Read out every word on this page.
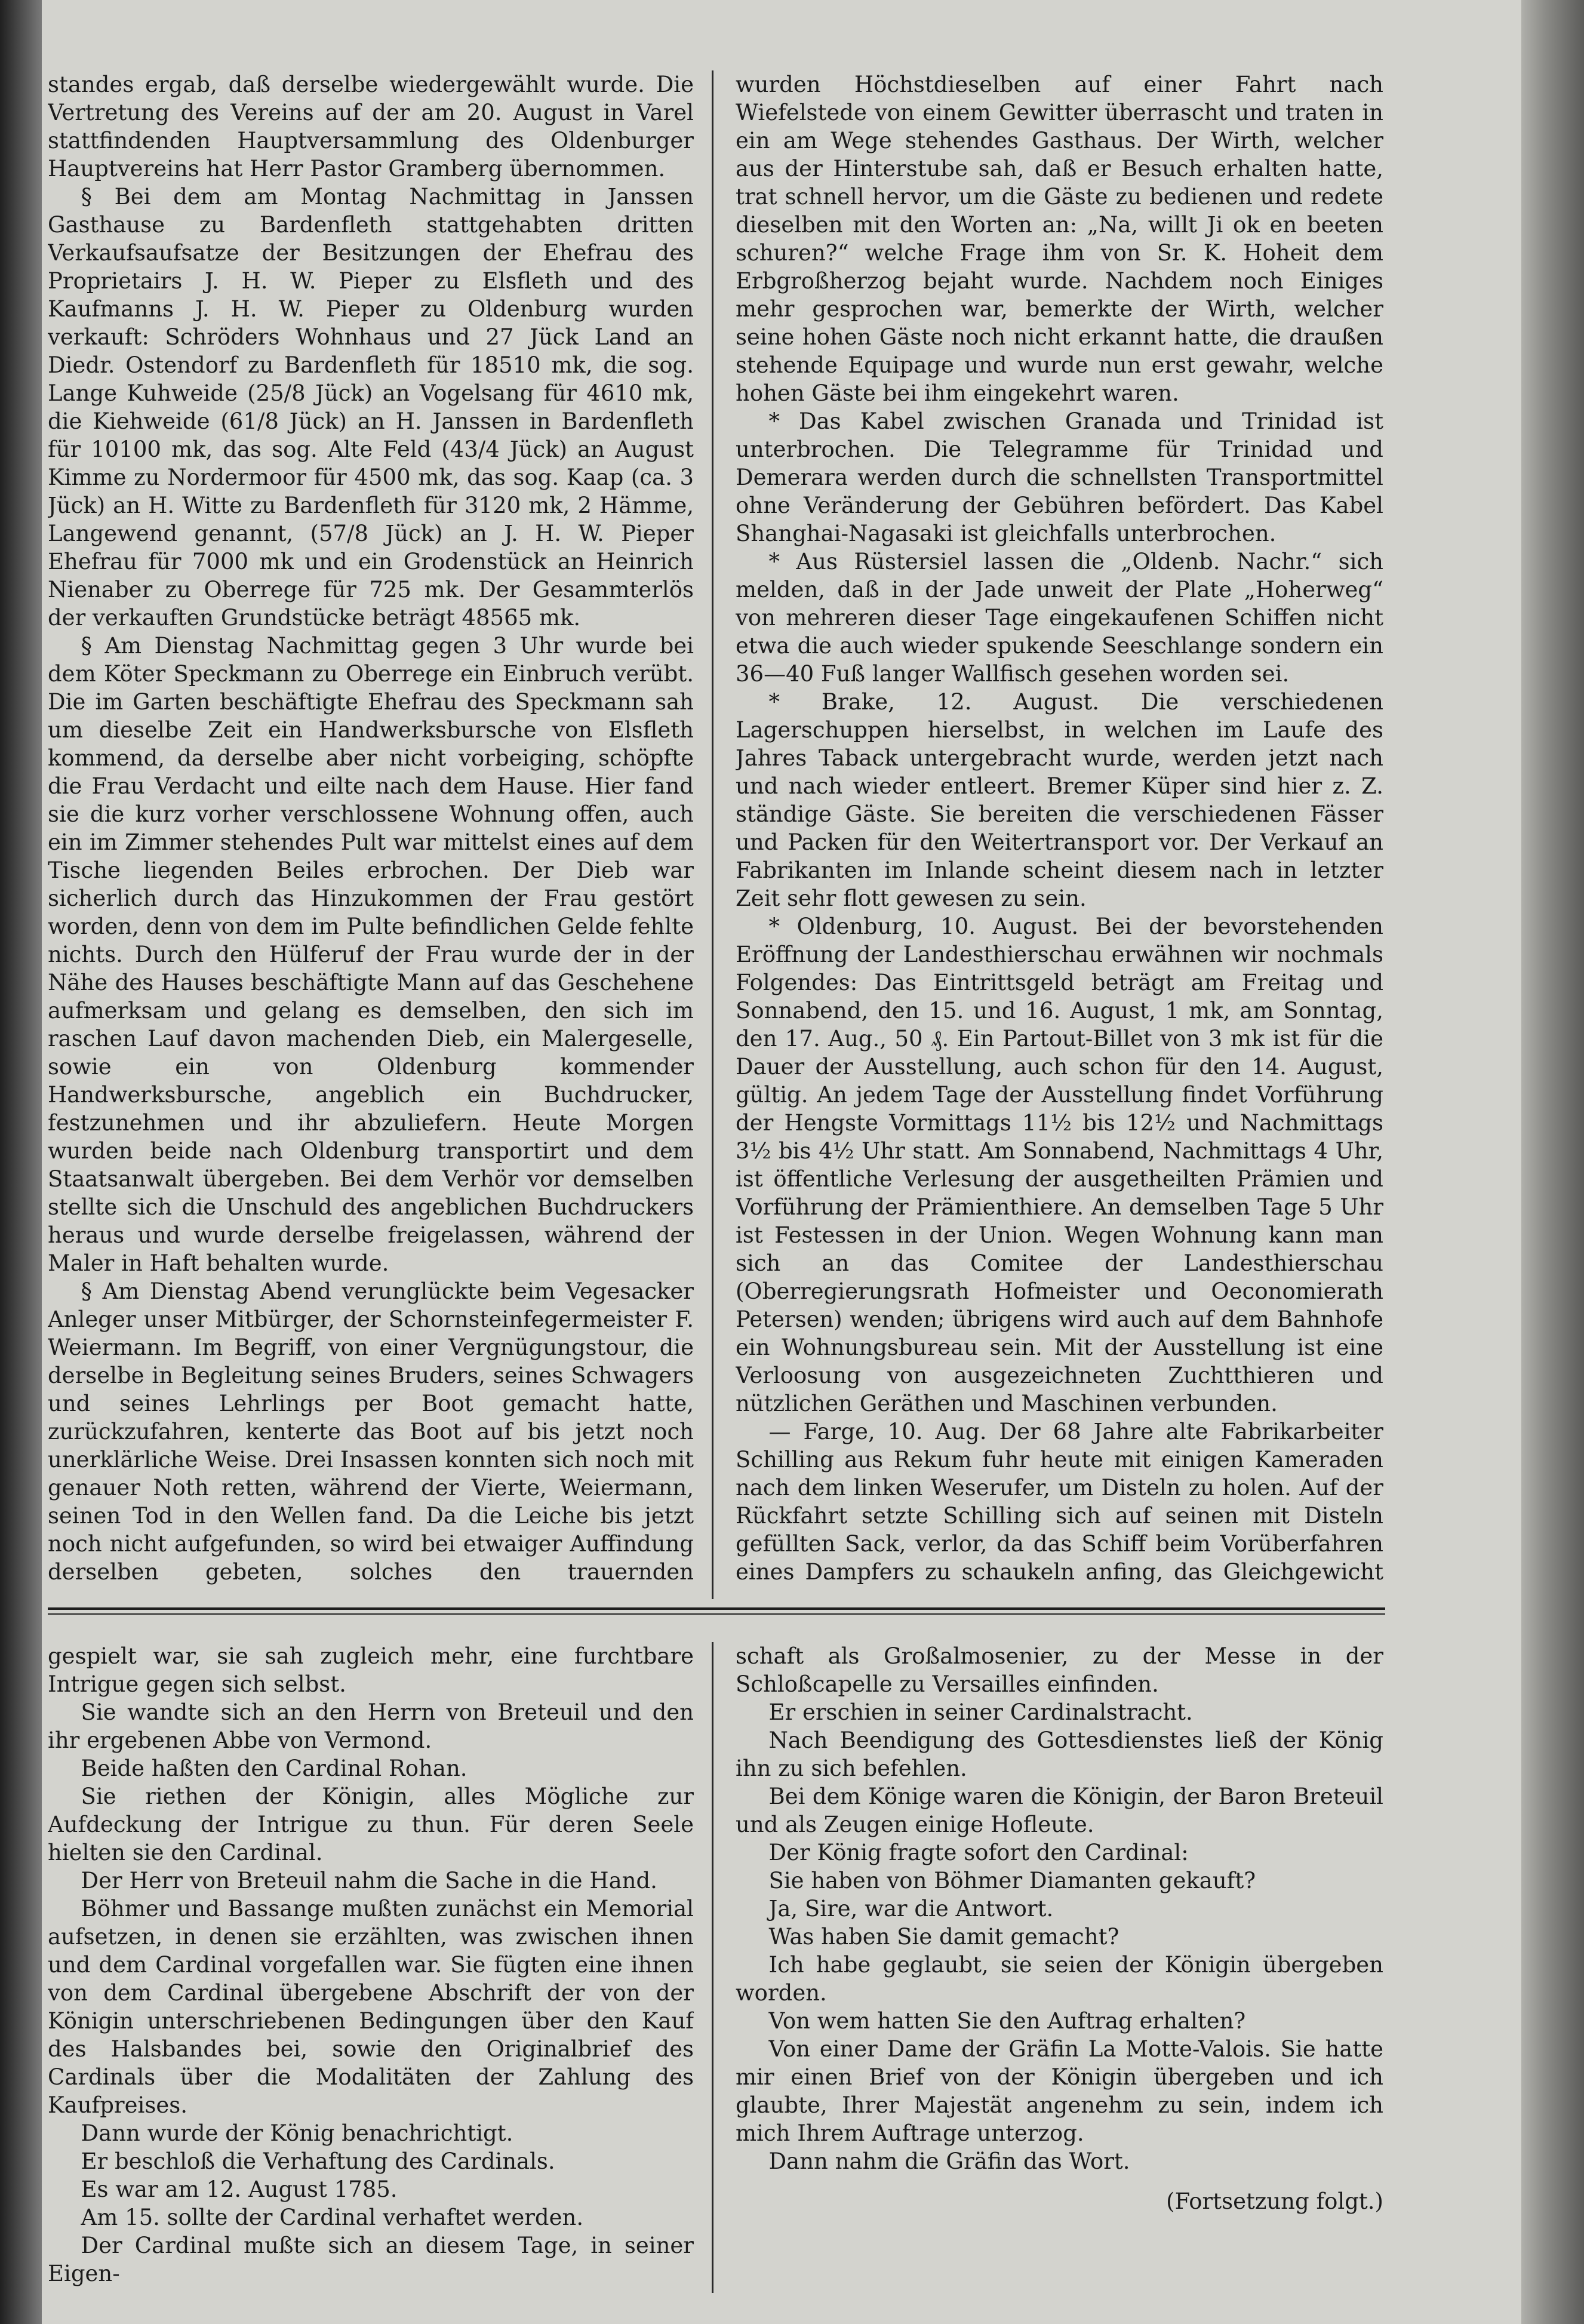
standes ergab, daß derselbe wiedergewählt wurde. Die Vertretung des Vereins auf der am 20. August in Varel stattfindenden Hauptversammlung des Oldenburger Hauptvereins hat Herr Pastor Gramberg übernommen.

§ Bei dem am Montag Nachmittag in Janssen Gasthause zu Bardenfleth stattgehabten dritten Verkaufsaufsatze der Besitzungen der Ehefrau des Proprietairs J. H. W. Pieper zu Elsfleth und des Kaufmanns J. H. W. Pieper zu Oldenburg wurden verkauft: Schröders Wohnhaus und 27 Jück Land an Diedr. Ostendorf zu Bardenfleth für 18510 mk, die sog. Lange Kuhweide (25/8 Jück) an Vogelsang für 4610 mk, die Kiehweide (61/8 Jück) an H. Janssen in Bardenfleth für 10100 mk, das sog. Alte Feld (43/4 Jück) an August Kimme zu Nordermoor für 4500 mk, das sog. Kaap (ca. 3 Jück) an H. Witte zu Bardenfleth für 3120 mk, 2 Hämme, Langewend genannt, (57/8 Jück) an J. H. W. Pieper Ehefrau für 7000 mk und ein Grodenstück an Heinrich Nienaber zu Oberrege für 725 mk. Der Gesammterlös der verkauften Grundstücke beträgt 48565 mk.

§ Am Dienstag Nachmittag gegen 3 Uhr wurde bei dem Köter Speckmann zu Oberrege ein Einbruch verübt. Die im Garten beschäftigte Ehefrau des Speckmann sah um dieselbe Zeit ein Handwerksbursche von Elsfleth kommend, da derselbe aber nicht vorbeiging, schöpfte die Frau Verdacht und eilte nach dem Hause. Hier fand sie die kurz vorher verschlossene Wohnung offen, auch ein im Zimmer stehendes Pult war mittelst eines auf dem Tische liegenden Beiles erbrochen. Der Dieb war sicherlich durch das Hinzukommen der Frau gestört worden, denn von dem im Pulte befindlichen Gelde fehlte nichts. Durch den Hülferuf der Frau wurde der in der Nähe des Hauses beschäftigte Mann auf das Geschehene aufmerksam und gelang es demselben, den sich im raschen Lauf davon machenden Dieb, ein Malergeselle, sowie ein von Oldenburg kommender Handwerksbursche, angeblich ein Buchdrucker, festzunehmen und ihr abzuliefern. Heute Morgen wurden beide nach Oldenburg transportirt und dem Staatsanwalt übergeben. Bei dem Verhör vor demselben stellte sich die Unschuld des angeblichen Buchdruckers heraus und wurde derselbe freigelassen, während der Maler in Haft behalten wurde.

§ Am Dienstag Abend verunglückte beim Vegesacker Anleger unser Mitbürger, der Schornsteinfegermeister F. Weiermann. Im Begriff, von einer Vergnügungstour, die derselbe in Begleitung seines Bruders, seines Schwagers und seines Lehrlings per Boot gemacht hatte, zurückzufahren, kenterte das Boot auf bis jetzt noch unerklärliche Weise. Drei Insassen konnten sich noch mit genauer Noth retten, während der Vierte, Weiermann, seinen Tod in den Wellen fand. Da die Leiche bis jetzt noch nicht aufgefunden, so wird bei etwaiger Auffindung derselben gebeten, solches den trauernden

wurden Höchstdieselben auf einer Fahrt nach Wiefelstede von einem Gewitter überrascht und traten in ein am Wege stehendes Gasthaus. Der Wirth, welcher aus der Hinterstube sah, daß er Besuch erhalten hatte, trat schnell hervor, um die Gäste zu bedienen und redete dieselben mit den Worten an: „Na, willt Ji ok en beeten schuren?“ welche Frage ihm von Sr. K. Hoheit dem Erbgroßherzog bejaht wurde. Nachdem noch Einiges mehr gesprochen war, bemerkte der Wirth, welcher seine hohen Gäste noch nicht erkannt hatte, die draußen stehende Equipage und wurde nun erst gewahr, welche hohen Gäste bei ihm eingekehrt waren.

* Das Kabel zwischen Granada und Trinidad ist unterbrochen. Die Telegramme für Trinidad und Demerara werden durch die schnellsten Transportmittel ohne Veränderung der Gebühren befördert. Das Kabel Shanghai-Nagasaki ist gleichfalls unterbrochen.

* Aus Rüstersiel lassen die „Oldenb. Nachr.“ sich melden, daß in der Jade unweit der Plate „Hoherweg“ von mehreren dieser Tage eingekaufenen Schiffen nicht etwa die auch wieder spukende Seeschlange sondern ein 36—40 Fuß langer Wallfisch gesehen worden sei.

* Brake, 12. August. Die verschiedenen Lagerschuppen hierselbst, in welchen im Laufe des Jahres Taback untergebracht wurde, werden jetzt nach und nach wieder entleert. Bremer Küper sind hier z. Z. ständige Gäste. Sie bereiten die verschiedenen Fässer und Packen für den Weitertransport vor. Der Verkauf an Fabrikanten im Inlande scheint diesem nach in letzter Zeit sehr flott gewesen zu sein.

* Oldenburg, 10. August. Bei der bevorstehenden Eröffnung der Landesthierschau erwähnen wir nochmals Folgendes: Das Eintrittsgeld beträgt am Freitag und Sonnabend, den 15. und 16. August, 1 mk, am Sonntag, den 17. Aug., 50 ₰. Ein Partout-Billet von 3 mk ist für die Dauer der Ausstellung, auch schon für den 14. August, gültig. An jedem Tage der Ausstellung findet Vorführung der Hengste Vormittags 11½ bis 12½ und Nachmittags 3½ bis 4½ Uhr statt. Am Sonnabend, Nachmittags 4 Uhr, ist öffentliche Verlesung der ausgetheilten Prämien und Vorführung der Prämienthiere. An demselben Tage 5 Uhr ist Festessen in der Union. Wegen Wohnung kann man sich an das Comitee der Landesthierschau (Oberregierungsrath Hofmeister und Oeconomierath Petersen) wenden; übrigens wird auch auf dem Bahnhofe ein Wohnungsbureau sein. Mit der Ausstellung ist eine Verloosung von ausgezeichneten Zuchtthieren und nützlichen Geräthen und Maschinen verbunden.

— Farge, 10. Aug. Der 68 Jahre alte Fabrikarbeiter Schilling aus Rekum fuhr heute mit einigen Kameraden nach dem linken Weserufer, um Disteln zu holen. Auf der Rückfahrt setzte Schilling sich auf seinen mit Disteln gefüllten Sack, verlor, da das Schiff beim Vorüberfahren eines Dampfers zu schaukeln anfing, das Gleichgewicht

gespielt war, sie sah zugleich mehr, eine furchtbare Intrigue gegen sich selbst.

Sie wandte sich an den Herrn von Breteuil und den ihr ergebenen Abbe von Vermond.

Beide haßten den Cardinal Rohan.

Sie riethen der Königin, alles Mögliche zur Aufdeckung der Intrigue zu thun. Für deren Seele hielten sie den Cardinal.

Der Herr von Breteuil nahm die Sache in die Hand.

Böhmer und Bassange mußten zunächst ein Memorial aufsetzen, in denen sie erzählten, was zwischen ihnen und dem Cardinal vorgefallen war. Sie fügten eine ihnen von dem Cardinal übergebene Abschrift der von der Königin unterschriebenen Bedingungen über den Kauf des Halsbandes bei, sowie den Originalbrief des Cardinals über die Modalitäten der Zahlung des Kaufpreises.

Dann wurde der König benachrichtigt.

Er beschloß die Verhaftung des Cardinals.

Es war am 12. August 1785.

Am 15. sollte der Cardinal verhaftet werden.

Der Cardinal mußte sich an diesem Tage, in seiner Eigen-

schaft als Großalmosenier, zu der Messe in der Schloßcapelle zu Versailles einfinden.

Er erschien in seiner Cardinalstracht.

Nach Beendigung des Gottesdienstes ließ der König ihn zu sich befehlen.

Bei dem Könige waren die Königin, der Baron Breteuil und als Zeugen einige Hofleute.

Der König fragte sofort den Cardinal:

Sie haben von Böhmer Diamanten gekauft?

Ja, Sire, war die Antwort.

Was haben Sie damit gemacht?

Ich habe geglaubt, sie seien der Königin übergeben worden.

Von wem hatten Sie den Auftrag erhalten?

Von einer Dame der Gräfin La Motte-Valois. Sie hatte mir einen Brief von der Königin übergeben und ich glaubte, Ihrer Majestät angenehm zu sein, indem ich mich Ihrem Auftrage unterzog.

Dann nahm die Gräfin das Wort.

(Fortsetzung folgt.)
